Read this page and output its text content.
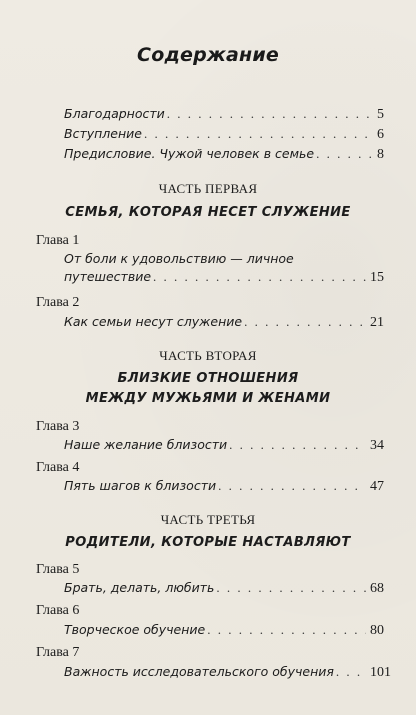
Содержание
Благодарности . . .	5
Вступление . . .	6
Предисловие. Чужой человек в семье . . .	8
ЧАСТЬ ПЕРВАЯ
СЕМЬЯ, КОТОРАЯ НЕСЕТ СЛУЖЕНИЕ
Глава 1
От боли к удовольствию — личное
путешествие . . .	15
Глава 2
Как семьи несут служение . . .	21
ЧАСТЬ ВТОРАЯ
БЛИЗКИЕ ОТНОШЕНИЯ
МЕЖДУ МУЖЬЯМИ И ЖЕНАМИ
Глава 3
Наше желание близости . . .	34
Глава 4
Пять шагов к близости . . .	47
ЧАСТЬ ТРЕТЬЯ
РОДИТЕЛИ, КОТОРЫЕ НАСТАВЛЯЮТ
Глава 5
Брать, делать, любить . . .	68
Глава 6
Творческое обучение . . .	80
Глава 7
Важность исследовательского обучения . . .	101
